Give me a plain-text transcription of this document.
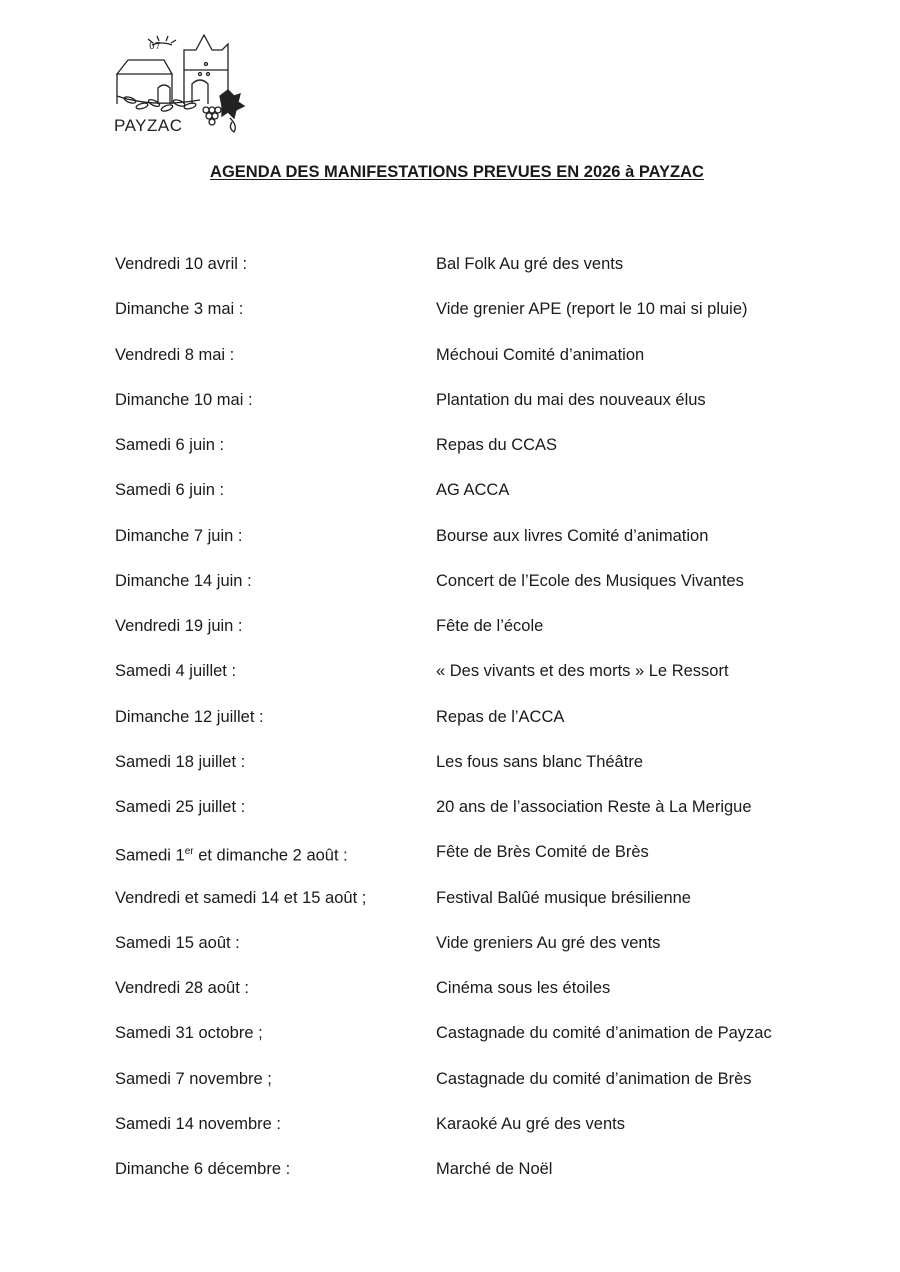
07
PAYZAC
AGENDA DES MANIFESTATIONS PREVUES EN 2026 à PAYZAC
Vendredi 10 avril :	Bal Folk Au gré des vents
Dimanche 3 mai :	Vide grenier APE (report le 10 mai si pluie)
Vendredi 8 mai :	Méchoui Comité d’animation
Dimanche 10 mai :	Plantation du mai des nouveaux élus
Samedi 6 juin :	Repas du CCAS
Samedi 6 juin :	AG ACCA
Dimanche 7 juin :	Bourse aux livres Comité d’animation
Dimanche 14 juin :	Concert de l’Ecole des Musiques Vivantes
Vendredi 19 juin :	Fête de l’école
Samedi 4 juillet :	« Des vivants et des morts » Le Ressort
Dimanche 12 juillet :	Repas de l’ACCA
Samedi 18 juillet :	Les fous sans blanc Théâtre
Samedi 25 juillet :	20 ans de l’association Reste à La Merigue
Samedi 1er et dimanche 2 août :	Fête de Brès Comité de Brès
Vendredi et samedi 14 et 15 août ;	Festival Balûé musique brésilienne
Samedi 15 août :	Vide greniers Au gré des vents
Vendredi 28 août :	Cinéma sous les étoiles
Samedi 31 octobre ;	Castagnade du comité d’animation de Payzac
Samedi 7 novembre ;	Castagnade du comité d’animation de Brès
Samedi 14 novembre :	Karaoké Au gré des vents
Dimanche 6 décembre :	Marché de Noël
